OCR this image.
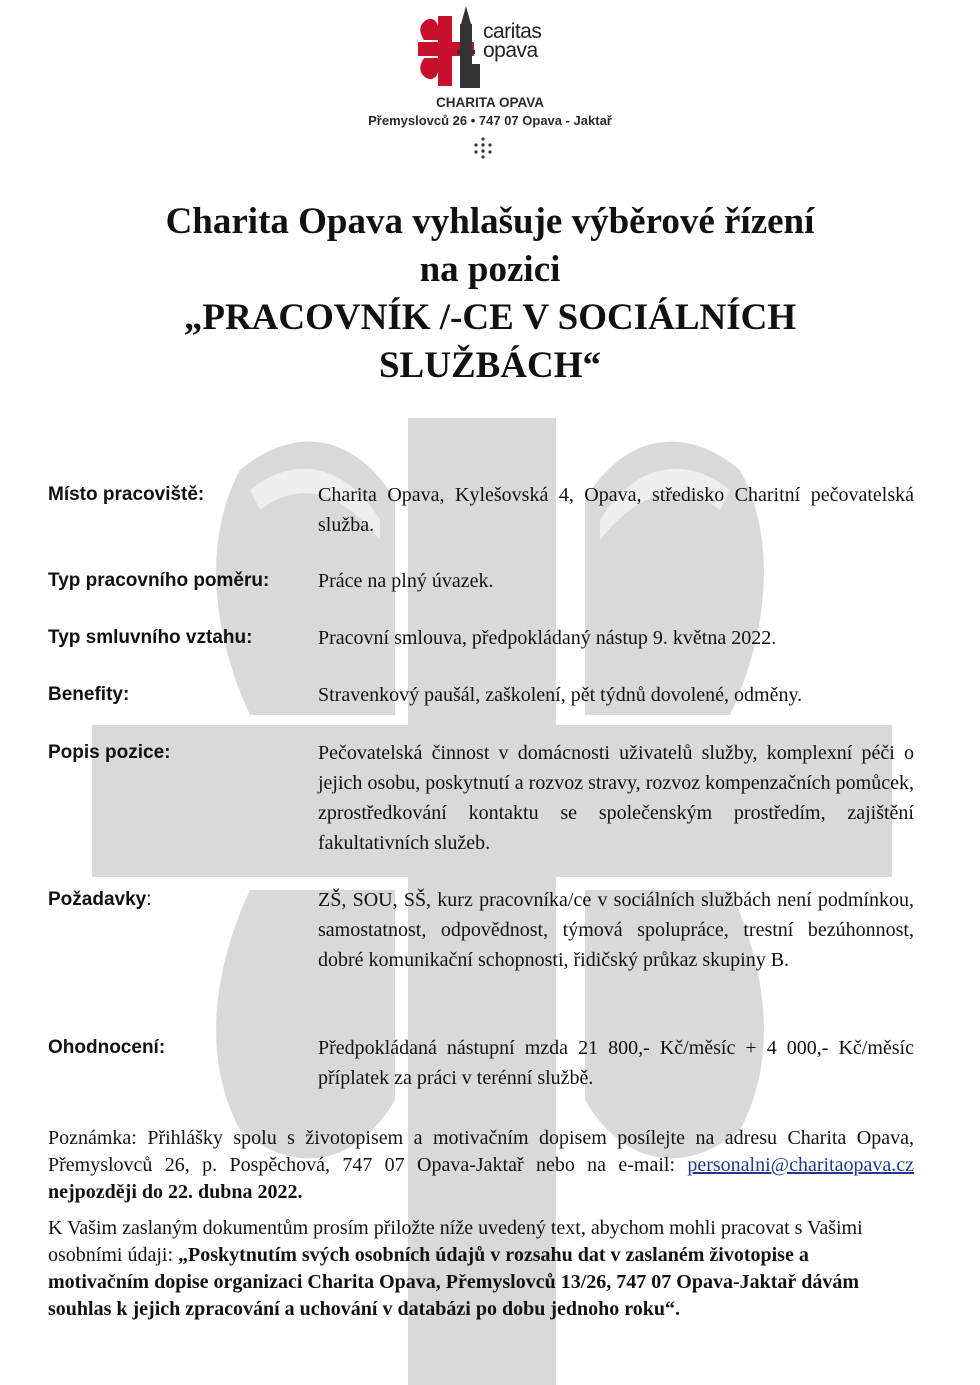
caritas
opava
CHARITA OPAVA
Přemyslovců 26 • 747 07 Opava - Jaktař
Charita Opava vyhlašuje výběrové řízení
na pozici
„PRACOVNÍK /-CE V SOCIÁLNÍCH
SLUŽBÁCH“
Místo pracoviště:	Charita Opava, Kylešovská 4, Opava, středisko Charitní pečovatelská služba.
Typ pracovního poměru:	Práce na plný úvazek.
Typ smluvního vztahu:	Pracovní smlouva, předpokládaný nástup 9. května 2022.
Benefity:	Stravenkový paušál, zaškolení, pět týdnů dovolené, odměny.
Popis pozice:	Pečovatelská činnost v domácnosti uživatelů služby, komplexní péči o jejich osobu, poskytnutí a rozvoz stravy, rozvoz kompenzačních pomůcek, zprostředkování kontaktu se společenským prostředím, zajištění fakultativních služeb.
Požadavky:	ZŠ, SOU, SŠ, kurz pracovníka/ce v sociálních službách není podmínkou, samostatnost, odpovědnost, týmová spolupráce, trestní bezúhonnost, dobré komunikační schopnosti, řidičský průkaz skupiny B.
Ohodnocení:	Předpokládaná nástupní mzda 21 800,- Kč/měsíc + 4 000,- Kč/měsíc příplatek za práci v terénní službě.
Poznámka: Přihlášky spolu s životopisem a motivačním dopisem posílejte na adresu Charita Opava, Přemyslovců 26, p. Pospěchová, 747 07 Opava-Jaktař nebo na e-mail: personalni@charitaopava.cz nejpozději do 22. dubna 2022.
K Vašim zaslaným dokumentům prosím přiložte níže uvedený text, abychom mohli pracovat s Vašimi osobními údaji: „Poskytnutím svých osobních údajů v rozsahu dat v zaslaném životopise a motivačním dopise organizaci Charita Opava, Přemyslovců 13/26, 747 07 Opava-Jaktař dávám souhlas k jejich zpracování a uchování v databázi po dobu jednoho roku“.
